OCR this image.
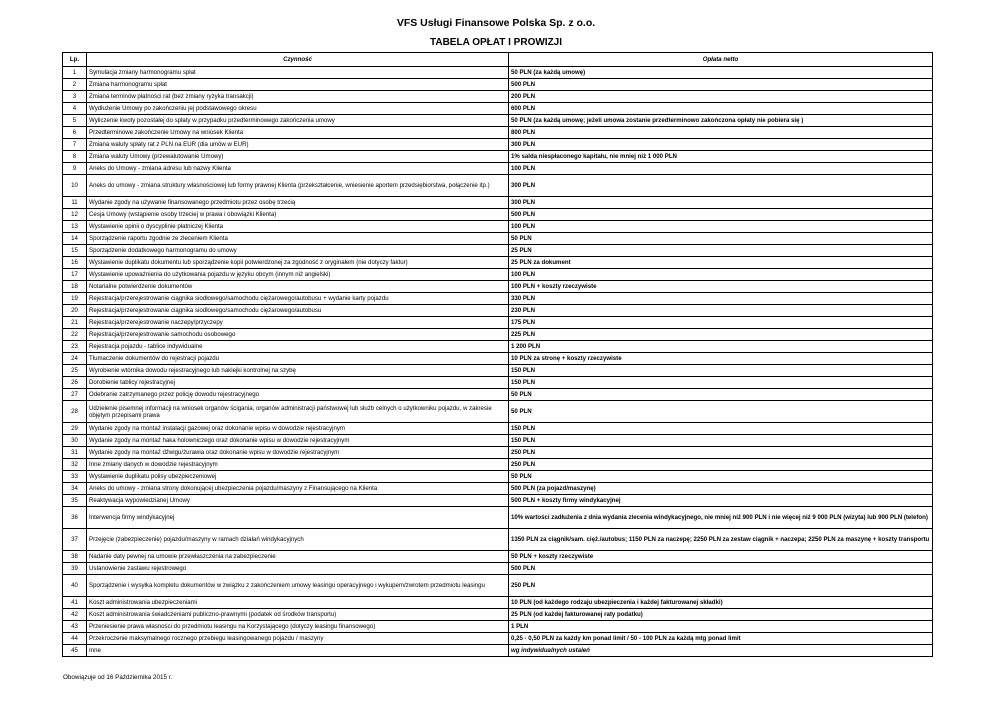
VFS Usługi Finansowe Polska Sp. z o.o.
TABELA OPŁAT I PROWIZJI
Lp.	Czynność	Opłata netto
1	Symulacja zmiany harmonogramu spłat	50 PLN (za każdą umowę)
2	Zmiana harmonogramu spłat	500 PLN
3	Zmiana terminów płatności rat (bez zmiany ryzyka transakcji)	200 PLN
4	Wydłużenie Umowy po zakończeniu jej podstawowego okresu	600 PLN
5	Wyliczenie kwoty pozostałej do spłaty w przypadku przedterminowego zakończenia umowy	50 PLN (za każdą umowę; jeżeli umowa zostanie przedterminowo zakończona opłaty nie pobiera się )
6	Przedterminowe zakończenie Umowy na wniosek Klienta	800 PLN
7	Zmiana waluty spłaty rat z PLN na EUR (dla umów w EUR)	300 PLN
8	Zmiana waluty Umowy (przewalutowanie Umowy)	1% salda niespłaconego kapitału, nie mniej niż 1 000 PLN
9	Aneks do Umowy - zmiana adresu lub nazwy Klienta	100 PLN
10	Aneks do umowy - zmiana struktury własnościowej lub formy prawnej Klienta (przekształcenie, wniesienie aportem przedsiębiorstwa, połączenie itp.)	300 PLN
11	Wydanie zgody na używanie finansowanego przedmiotu przez osobę trzecią	300 PLN
12	Cesja Umowy (wstąpienie osoby trzeciej w prawa i obowiązki Klienta)	500 PLN
13	Wystawienie opinii o dyscyplinie płatniczej Klienta	100 PLN
14	Sporządzenie raportu zgodnie ze zleceniem Klienta	50 PLN
15	Sporządzenie dodatkowego harmonogramu do umowy	25 PLN
16	Wystawienie duplikatu dokumentu lub sporządzenie kopii potwierdzonej za zgodność z oryginałem (nie dotyczy faktur)	25 PLN za dokument
17	Wystawienie upoważnienia do użytkowania pojazdu w języku obcym (innym niż angielski)	100 PLN
18	Notarialne potwierdzenie dokumentów	100 PLN + koszty rzeczywiste
19	Rejestracja/przerejestrowanie ciągnika siodłowego/samochodu ciężarowego/autobusu + wydanie karty pojazdu	330 PLN
20	Rejestracja/przerejestrowanie ciągnika siodłowego/samochodu ciężarowego/autobusu	230 PLN
21	Rejestracja/przerejestrowanie naczepy/przyczepy	175 PLN
22	Rejestracja/przerejestrowanie samochodu osobowego	225 PLN
23	Rejestracja pojazdu - tablice indywidualne	1 200 PLN
24	Tłumaczenie dokumentów do rejestracji pojazdu	10 PLN za stronę + koszty rzeczywiste
25	Wyrobienie wtórnika dowodu rejestracyjnego lub naklejki kontrolnej na szybę	150 PLN
26	Dorobienie tablicy rejestracyjnej	150 PLN
27	Odebranie zatrzymanego przez policję dowodu rejestracyjnego	50 PLN
28	Udzielenie pisemnej informacji na wniosek organów ścigania, organów administracji państwowej lub służb celnych o użytkowniku pojazdu, w zakresie objętym przepisami prawa	50 PLN
29	Wydanie zgody na montaż instalacji gazowej oraz dokonanie wpisu w dowodzie rejestracyjnym	150 PLN
30	Wydanie zgody na montaż haka holowniczego oraz dokonanie wpisu w dowodzie rejestracyjnym	150 PLN
31	Wydanie zgody na montaż dźwigu/żurawia oraz dokonanie wpisu w dowodzie rejestracyjnym	250 PLN
32	Inne zmiany danych w dowodzie rejestracyjnym	250 PLN
33	Wystawienie duplikatu polisy ubezpieczeniowej	50 PLN
34	Aneks do umowy - zmiana strony dokonującej ubezpieczenia pojazdu/maszyny z Finansującego na Klienta	500 PLN (za pojazd/maszynę)
35	Reaktywacja wypowiedzianej Umowy	500 PLN + koszty firmy windykacyjnej
36	Interwencja firmy windykacyjnej	10% wartości zadłużenia z dnia wydania zlecenia windykacyjnego, nie mniej niż 900 PLN i nie więcej niż 9 000 PLN (wizyta) lub 900 PLN (telefon)
37	Przejęcie (zabezpieczenie) pojazdu/maszyny w ramach działań windykacyjnych	1350 PLN za ciągnik/sam. cięż./autobus; 1150 PLN za naczepę; 2250 PLN za zestaw ciągnik + naczepa; 2250 PLN za maszynę + koszty transportu
38	Nadanie daty pewnej na umowie przewłaszczenia na zabezpieczenie	50 PLN + koszty rzeczywiste
39	Ustanowienie zastawu rejestrowego	500 PLN
40	Sporządzenie i wysyłka kompletu dokumentów w związku z zakończeniem umowy leasingu operacyjnego i wykupem/zwrotem przedmiotu leasingu	250 PLN
41	Koszt administrowania ubezpieczeniami	10 PLN (od każdego rodzaju ubezpieczenia i każdej fakturowanej składki)
42	Koszt administrowania świadczeniami publiczno-prawnymi (podatek od środków transportu)	25 PLN (od każdej fakturowanej raty podatku)
43	Przeniesienie prawa własności do przedmiotu leasingu na Korzystającego (dotyczy leasingu finansowego)	1 PLN
44	Przekroczenie maksymalnego rocznego przebiegu leasingowanego pojazdu / maszyny	0,25 - 0,50 PLN za każdy km ponad limit / 50 - 100 PLN za każdą mtg ponad limit
45	Inne	wg indywidualnych ustaleń
Obowiązuje od 16 Października 2015 r.
